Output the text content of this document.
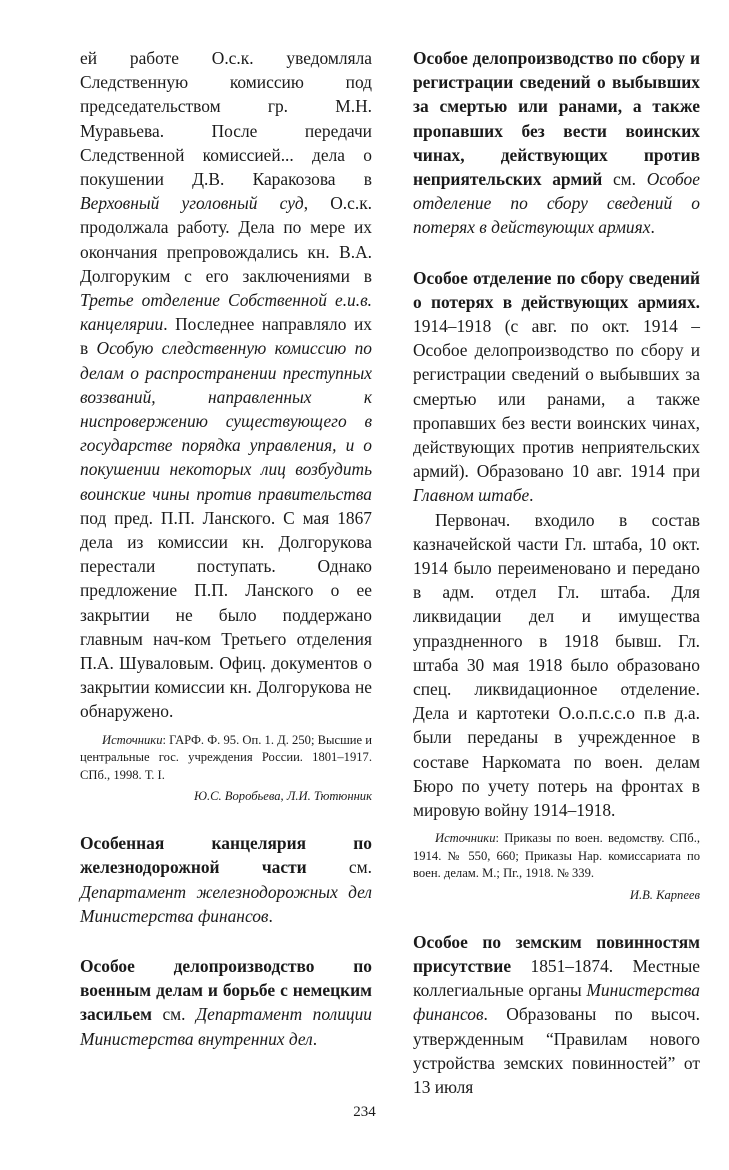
ей работе О.с.к. уведомляла Следственную комиссию под председательством гр. М.Н. Муравьева. После передачи Следственной комиссией... дела о покушении Д.В. Каракозова в Верховный уголовный суд, О.с.к. продолжала работу. Дела по мере их окончания препровождались кн. В.А. Долгоруким с его заключениями в Третье отделение Собственной е.и.в. канцелярии. Последнее направляло их в Особую следственную комиссию по делам о распространении преступных воззваний, направленных к ниспровержению существующего в государстве порядка управления, и о покушении некоторых лиц возбудить воинские чины против правительства под пред. П.П. Ланского. С мая 1867 дела из комиссии кн. Долгорукова перестали поступать. Однако предложение П.П. Ланского о ее закрытии не было поддержано главным нач-ком Третьего отделения П.А. Шуваловым. Офиц. документов о закрытии комиссии кн. Долгорукова не обнаружено.

Источники: ГАРФ. Ф. 95. Оп. 1. Д. 250; Высшие и центральные гос. учреждения России. 1801–1917. СПб., 1998. Т. I.

Ю.С. Воробьева, Л.И. Тютюнник

Особенная канцелярия по железнодорожной части см. Департамент железнодорожных дел Министерства финансов.

Особое делопроизводство по военным делам и борьбе с немецким засильем см. Департамент полиции Министерства внутренних дел.

Особое делопроизводство по сбору и регистрации сведений о выбывших за смертью или ранами, а также пропавших без вести воинских чинах, действующих против неприятельских армий см. Особое отделение по сбору сведений о потерях в действующих армиях.

Особое отделение по сбору сведений о потерях в действующих армиях. 1914–1918 (с авг. по окт. 1914 – Особое делопроизводство по сбору и регистрации сведений о выбывших за смертью или ранами, а также пропавших без вести воинских чинах, действующих против неприятельских армий). Образовано 10 авг. 1914 при Главном штабе.

Первонач. входило в состав казначейской части Гл. штаба, 10 окт. 1914 было переименовано и передано в адм. отдел Гл. штаба. Для ликвидации дел и имущества упраздненного в 1918 бывш. Гл. штаба 30 мая 1918 было образовано спец. ликвидационное отделение. Дела и картотеки О.о.п.с.с.о п.в д.а. были переданы в учрежденное в составе Наркомата по воен. делам Бюро по учету потерь на фронтах в мировую войну 1914–1918.

Источники: Приказы по воен. ведомству. СПб., 1914. № 550, 660; Приказы Нар. комиссариата по воен. делам. М.; Пг., 1918. № 339.

И.В. Карпеев

Особое по земским повинностям присутствие 1851–1874. Местные коллегиальные органы Министерства финансов. Образованы по высоч. утвержденным “Правилам нового устройства земских повинностей” от 13 июля

234
